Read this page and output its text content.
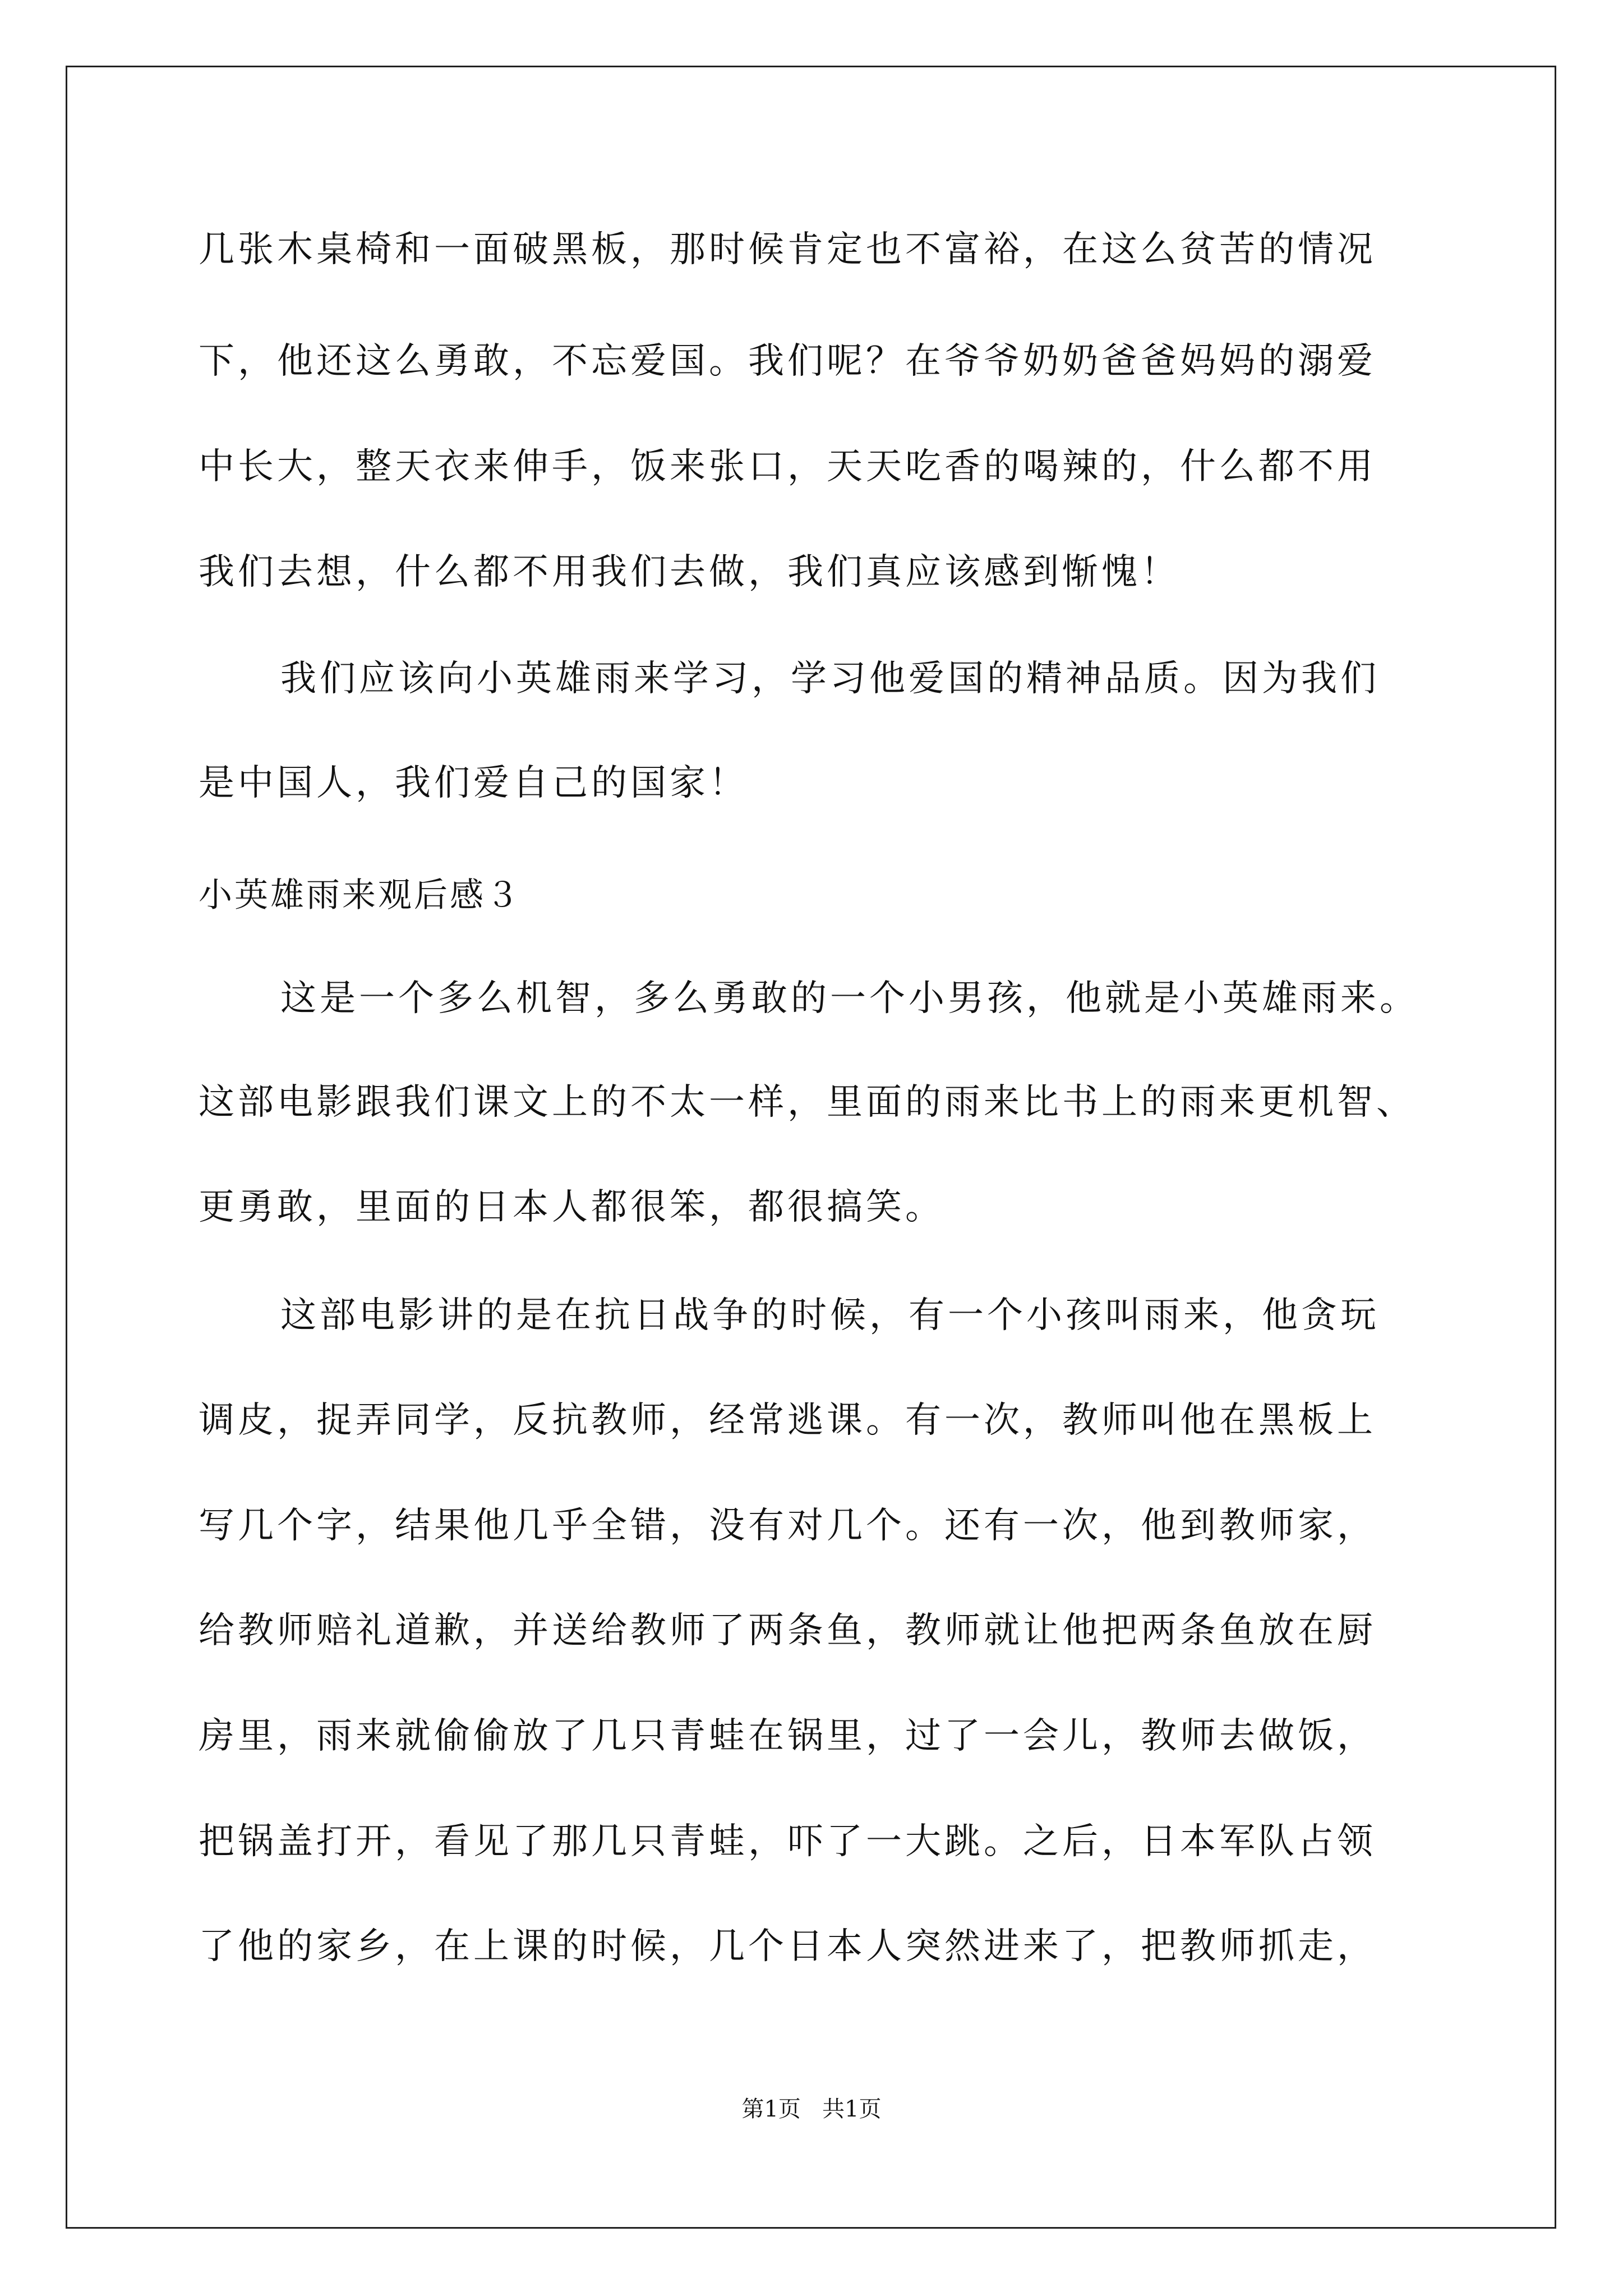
几张木桌椅和一面破黑板，那时候肯定也不富裕，在这么贫苦的情况
下，他还这么勇敢，不忘爱国。我们呢？在爷爷奶奶爸爸妈妈的溺爱
中长大，整天衣来伸手，饭来张口，天天吃香的喝辣的，什么都不用
我们去想，什么都不用我们去做，我们真应该感到惭愧！
我们应该向小英雄雨来学习，学习他爱国的精神品质。因为我们
是中国人，我们爱自己的国家！
小英雄雨来观后感３
这是一个多么机智，多么勇敢的一个小男孩，他就是小英雄雨来。
这部电影跟我们课文上的不太一样，里面的雨来比书上的雨来更机智、
更勇敢，里面的日本人都很笨，都很搞笑。
这部电影讲的是在抗日战争的时候，有一个小孩叫雨来，他贪玩
调皮，捉弄同学，反抗教师，经常逃课。有一次，教师叫他在黑板上
写几个字，结果他几乎全错，没有对几个。还有一次，他到教师家，
给教师赔礼道歉，并送给教师了两条鱼，教师就让他把两条鱼放在厨
房里，雨来就偷偷放了几只青蛙在锅里，过了一会儿，教师去做饭，
把锅盖打开，看见了那几只青蛙，吓了一大跳。之后，日本军队占领
了他的家乡，在上课的时候，几个日本人突然进来了，把教师抓走，
第1页   共1页
